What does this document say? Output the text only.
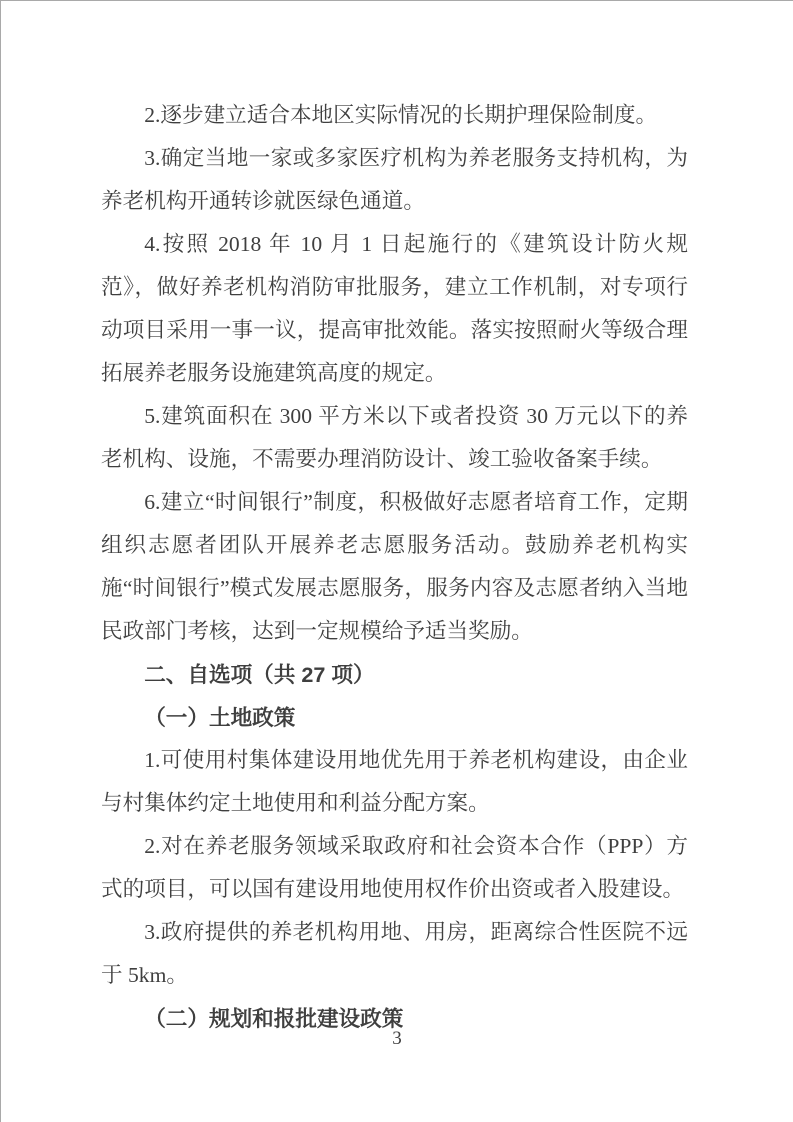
2.逐步建立适合本地区实际情况的长期护理保险制度。

3.确定当地一家或多家医疗机构为养老服务支持机构，为养老机构开通转诊就医绿色通道。

4.按照 2018 年 10 月 1 日起施行的《建筑设计防火规范》，做好养老机构消防审批服务，建立工作机制，对专项行动项目采用一事一议，提高审批效能。落实按照耐火等级合理拓展养老服务设施建筑高度的规定。

5.建筑面积在 300 平方米以下或者投资 30 万元以下的养老机构、设施，不需要办理消防设计、竣工验收备案手续。

6.建立“时间银行”制度，积极做好志愿者培育工作，定期组织志愿者团队开展养老志愿服务活动。鼓励养老机构实施“时间银行”模式发展志愿服务，服务内容及志愿者纳入当地民政部门考核，达到一定规模给予适当奖励。

二、自选项（共 27 项）

（一）土地政策

1.可使用村集体建设用地优先用于养老机构建设，由企业与村集体约定土地使用和利益分配方案。

2.对在养老服务领域采取政府和社会资本合作（PPP）方式的项目，可以国有建设用地使用权作价出资或者入股建设。

3.政府提供的养老机构用地、用房，距离综合性医院不远于 5km。

（二）规划和报批建设政策

3
